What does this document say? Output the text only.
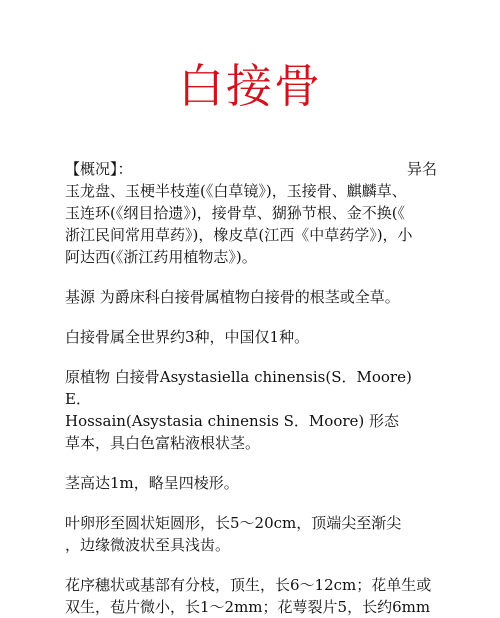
白接骨
【概况】：	异名

玉龙盘、玉梗半枝莲(《白草镜》)，玉接骨、麒麟草、

玉连环(《纲目拾遗》)，接骨草、猢狲节根、金不换(《

浙江民间常用草药》)，橡皮草(江西《中草药学》)，小

阿达西(《浙江药用植物志》)。

基源 为爵床科白接骨属植物白接骨的根茎或全草。

白接骨属全世界约3种，中国仅1种。

原植物 白接骨Asystasiella chinensis(S．Moore)E．

Hossain(Asystasia chinensis S．Moore) 形态

草本，具白色富粘液根状茎。

茎高达1m，略呈四棱形。

叶卵形至圆状矩圆形，长5～20cm，顶端尖至渐尖

，边缘微波状至具浅齿。

花序穗状或基部有分枝，顶生，长6～12cm；花单生或

双生，苞片微小，长1～2mm；花萼裂片5，长约6mm
